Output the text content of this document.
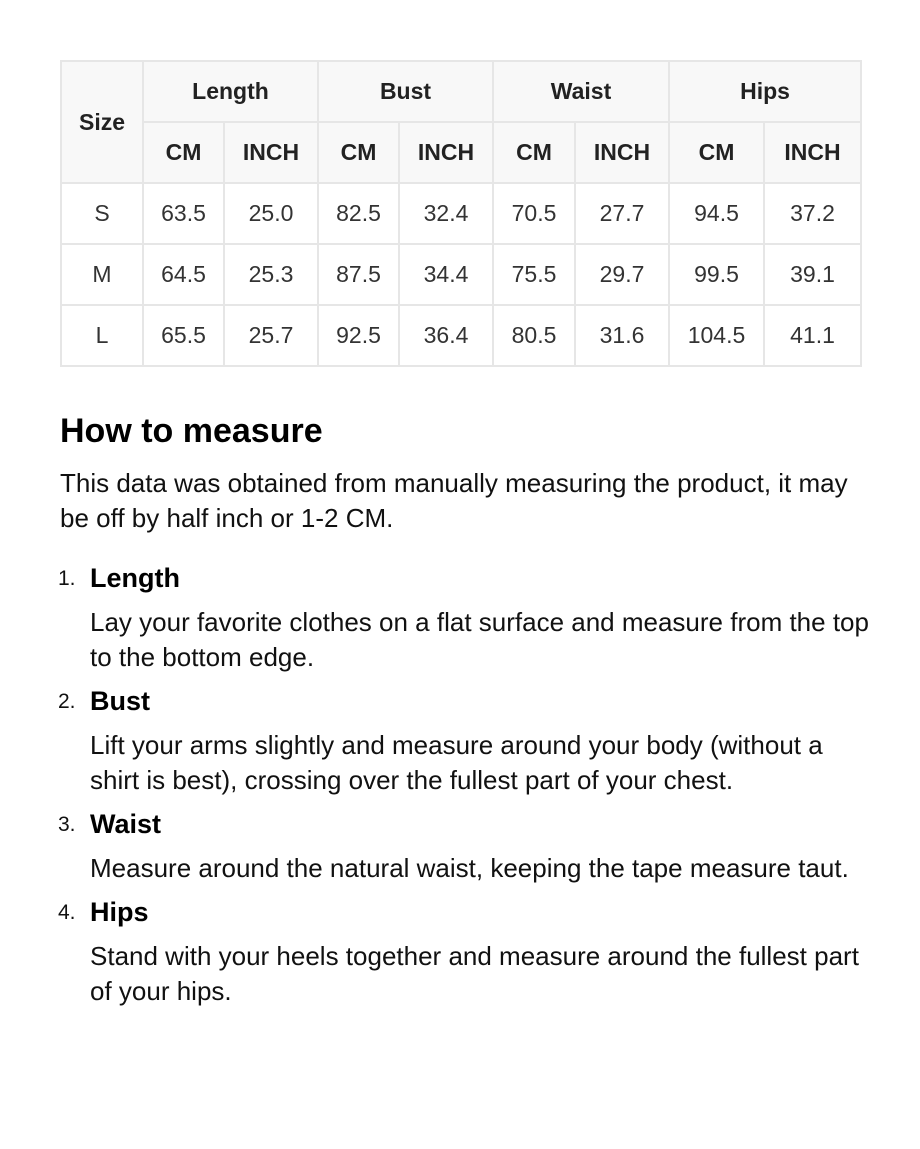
Size	Length		Bust		Waist		Hips	
	CM	INCH	CM	INCH	CM	INCH	CM	INCH
S	63.5	25.0	82.5	32.4	70.5	27.7	94.5	37.2
M	64.5	25.3	87.5	34.4	75.5	29.7	99.5	39.1
L	65.5	25.7	92.5	36.4	80.5	31.6	104.5	41.1
How to measure

This data was obtained from manually measuring the product, it may be off by half inch or 1-2 CM.

1. Length
Lay your favorite clothes on a flat surface and measure from the top to the bottom edge.
2. Bust
Lift your arms slightly and measure around your body (without a shirt is best), crossing over the fullest part of your chest.
3. Waist
Measure around the natural waist, keeping the tape measure taut.
4. Hips
Stand with your heels together and measure around the fullest part of your hips.
